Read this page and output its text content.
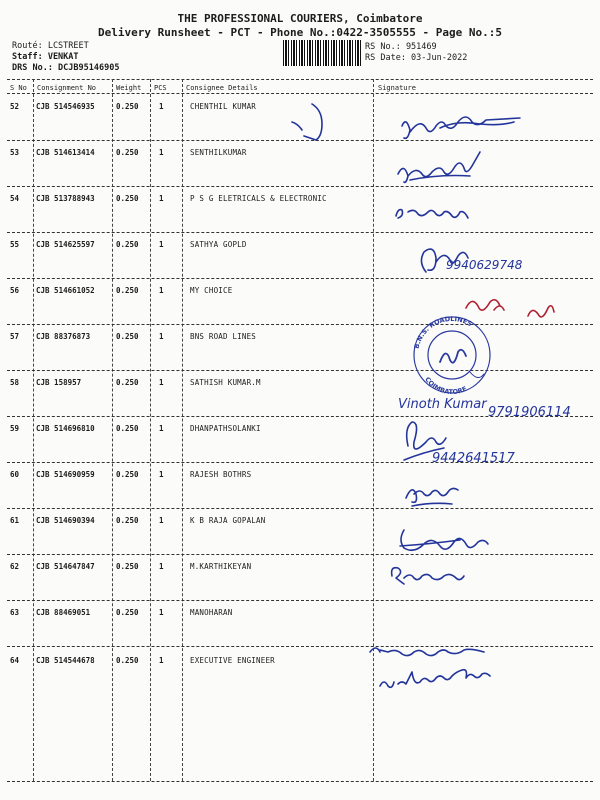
THE PROFESSIONAL COURIERS, Coimbatore
Delivery Runsheet - PCT - Phone No.:0422-3505555 - Page No.:5
Routé: LCSTREET
Staff: VENKAT
DRS No.: DCJB95146905
RS No.: 951469
RS Date: 03-Jun-2022
S No Consignment No	Weight PCS	Consignee Details	Signature
52 CJB 514546935	0.250	1	CHENTHIL KUMAR
53 CJB 514613414	0.250	1	SENTHILKUMAR
54 CJB 513788943	0.250	1	P S G ELETRICALS & ELECTRONIC
55 CJB 514625597	0.250	1	SATHYA GOPLD
56 CJB 514661052	0.250	1	MY CHOICE
57 CJB 88376873	0.250	1	BNS ROAD LINES
58 CJB 158957	0.250	1	SATHISH KUMAR.M
59 CJB 514696810	0.250	1	DHANPATHSOLANKI
60 CJB 514690959	0.250	1	RAJESH BOTHRS
61 CJB 514690394	0.250	1	K B RAJA GOPALAN
62 CJB 514647847	0.250	1	M.KARTHIKEYAN
63 CJB 88469051	0.250	1	MANOHARAN
64 CJB 514544678	0.250	1	EXECUTIVE ENGINEER
9940629748
Vinoth Kumar
9791906114
9442641517
B.N.S. ROADLINES
COIMBATORE
